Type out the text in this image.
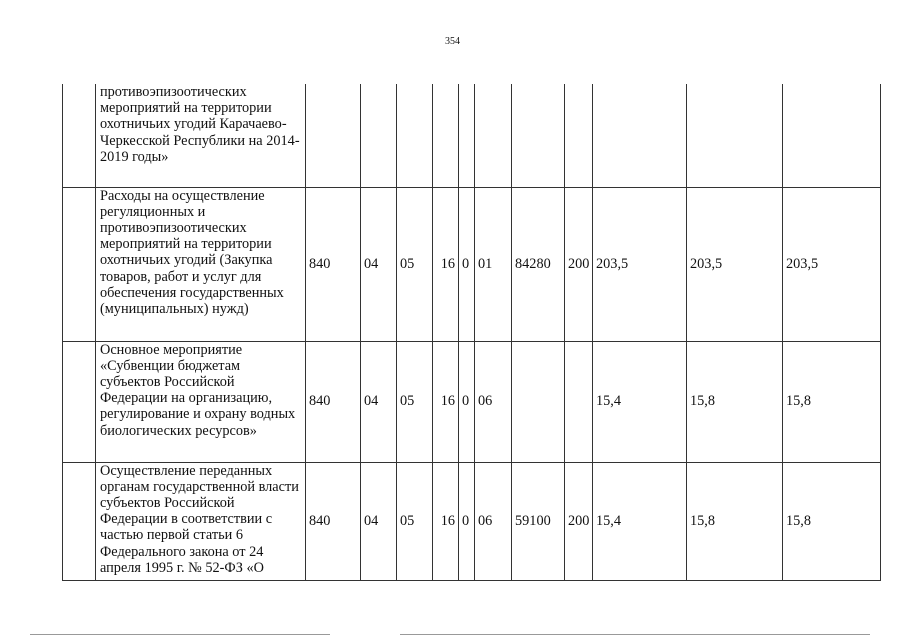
354
	противоэпизоотических мероприятий на территории охотничьих угодий Карачаево-Черкесской Республики на 2014-2019 годы»											
	Расходы на осуществление регуляционных и противоэпизоотических мероприятий на территории охотничьих угодий (Закупка товаров, работ и услуг для обеспечения государственных (муниципальных) нужд)	840	04	05	16	0	01	84280	200	203,5	203,5	203,5
	Основное мероприятие «Субвенции бюджетам субъектов Российской Федерации на организацию, регулирование и охрану водных биологических ресурсов»	840	04	05	16	0	06			15,4	15,8	15,8
	Осуществление переданных органам государственной власти субъектов Российской Федерации в соответствии с частью первой статьи 6 Федерального закона от 24 апреля 1995 г. № 52-ФЗ «О	840	04	05	16	0	06	59100	200	15,4	15,8	15,8
